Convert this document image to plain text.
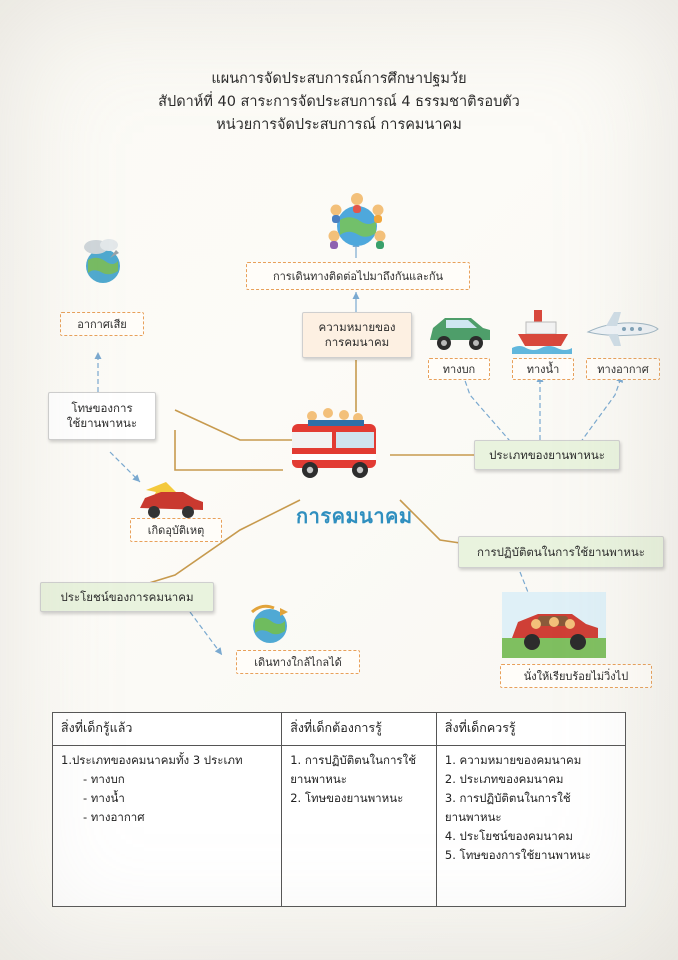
แผนการจัดประสบการณ์การศึกษาปฐมวัย
สัปดาห์ที่ 40 สาระการจัดประสบการณ์ 4 ธรรมชาติรอบตัว
หน่วยการจัดประสบการณ์ การคมนาคม
การเดินทางติดต่อไปมาถึงกันและกัน
ความหมายของ
การคมนาคม
ประเภทของยานพาหนะ
ทางบก	ทางน้ำ	ทางอากาศ
โทษของการ
ใช้ยานพาหนะ
อากาศเสีย
เกิดอุบัติเหตุ
ประโยชน์ของการคมนาคม
เดินทางใกล้ไกลได้
การปฏิบัติตนในการใช้ยานพาหนะ
นั่งให้เรียบร้อยไม่วิ่งไป
การคมนาคม
สิ่งที่เด็กรู้แล้ว	สิ่งที่เด็กต้องการรู้	สิ่งที่เด็กควรรู้

1.ประเภทของคมนาคมทั้ง 3 ประเภท
- ทางบก
- ทางน้ำ
- ทางอากาศ

1. การปฏิบัติตนในการใช้
ยานพาหนะ
2. โทษของยานพาหนะ

1. ความหมายของคมนาคม
2. ประเภทของคมนาคม
3. การปฏิบัติตนในการใช้
ยานพาหนะ
4. ประโยชน์ของคมนาคม
5. โทษของการใช้ยานพาหนะ
